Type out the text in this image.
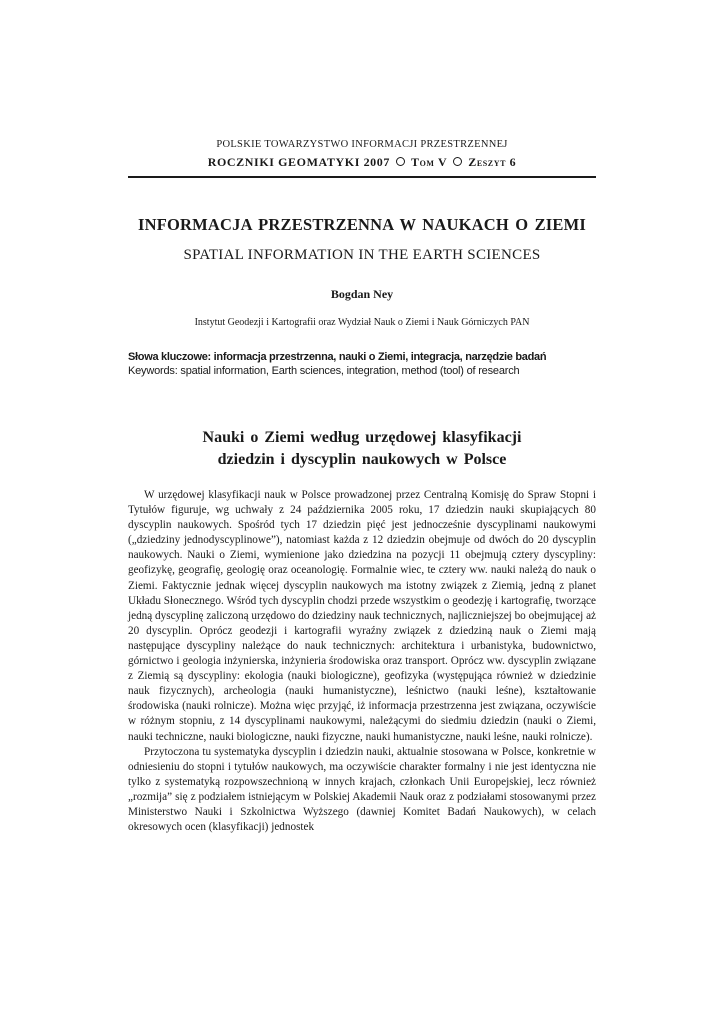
POLSKIE TOWARZYSTWO INFORMACJI PRZESTRZENNEJ
ROCZNIKI GEOMATYKI 2007 Tom V Zeszyt 6
INFORMACJA PRZESTRZENNA W NAUKACH O ZIEMI
SPATIAL INFORMATION IN THE EARTH SCIENCES
Bogdan Ney
Instytut Geodezji i Kartografii oraz Wydział Nauk o Ziemi i Nauk Górniczych PAN
Słowa kluczowe: informacja przestrzenna, nauki o Ziemi, integracja, narzędzie badań
Keywords: spatial information, Earth sciences, integration, method (tool) of research
Nauki o Ziemi według urzędowej klasyfikacji
dziedzin i dyscyplin naukowych w Polsce

W urzędowej klasyfikacji nauk w Polsce prowadzonej przez Centralną Komisję do Spraw Stopni i Tytułów figuruje, wg uchwały z 24 października 2005 roku, 17 dziedzin nauki skupiających 80 dyscyplin naukowych. Spośród tych 17 dziedzin pięć jest jednocześnie dyscyplinami naukowymi („dziedziny jednodyscyplinowe”), natomiast każda z 12 dziedzin obejmuje od dwóch do 20 dyscyplin naukowych. Nauki o Ziemi, wymienione jako dziedzina na pozycji 11 obejmują cztery dyscypliny: geofizykę, geografię, geologię oraz oceanologię. Formalnie wiec, te cztery ww. nauki należą do nauk o Ziemi. Faktycznie jednak więcej dyscyplin naukowych ma istotny związek z Ziemią, jedną z planet Układu Słonecznego. Wśród tych dyscyplin chodzi przede wszystkim o geodezję i kartografię, tworzące jedną dyscyplinę zaliczoną urzędowo do dziedziny nauk technicznych, najliczniejszej bo obejmującej aż 20 dyscyplin. Oprócz geodezji i kartografii wyraźny związek z dziedziną nauk o Ziemi mają następujące dyscypliny należące do nauk technicznych: architektura i urbanistyka, budownictwo, górnictwo i geologia inżynierska, inżynieria środowiska oraz transport. Oprócz ww. dyscyplin związane z Ziemią są dyscypliny: ekologia (nauki biologiczne), geofizyka (występująca również w dziedzinie nauk fizycznych), archeologia (nauki humanistyczne), leśnictwo (nauki leśne), kształtowanie środowiska (nauki rolnicze). Można więc przyjąć, iż informacja przestrzenna jest związana, oczywiście w różnym stopniu, z 14 dyscyplinami naukowymi, należącymi do siedmiu dziedzin (nauki o Ziemi, nauki techniczne, nauki biologiczne, nauki fizyczne, nauki humanistyczne, nauki leśne, nauki rolnicze).

Przytoczona tu systematyka dyscyplin i dziedzin nauki, aktualnie stosowana w Polsce, konkretnie w odniesieniu do stopni i tytułów naukowych, ma oczywiście charakter formalny i nie jest identyczna nie tylko z systematyką rozpowszechnioną w innych krajach, członkach Unii Europejskiej, lecz również „rozmija” się z podziałem istniejącym w Polskiej Akademii Nauk oraz z podziałami stosowanymi przez Ministerstwo Nauki i Szkolnictwa Wyższego (dawniej Komitet Badań Naukowych), w celach okresowych ocen (klasyfikacji) jednostek
